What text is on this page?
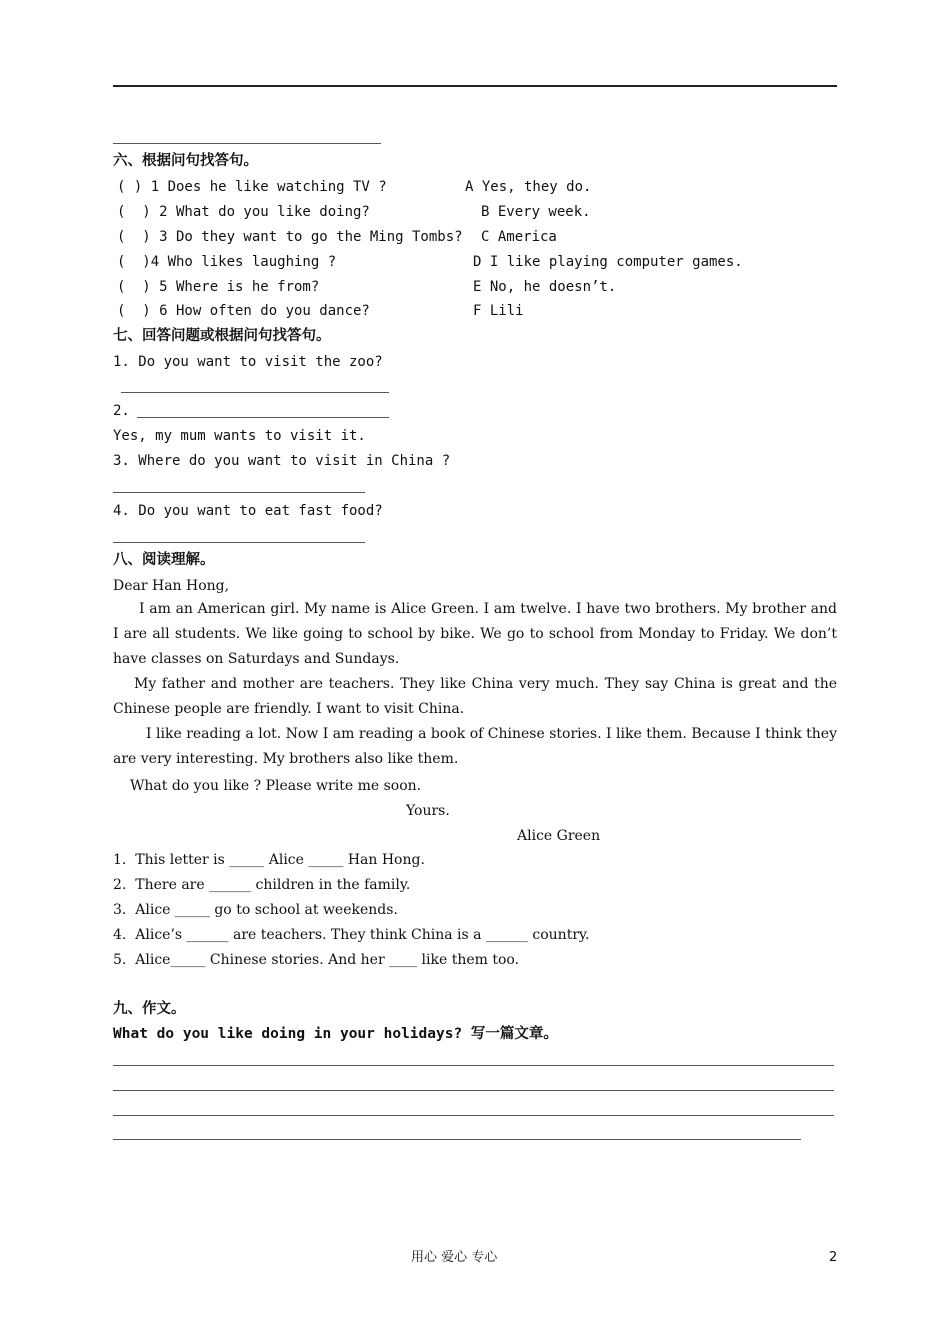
六、根据问句找答句。
( ) 1 Does he like watching TV ?	A Yes, they do.
(  ) 2 What do you like doing?	B Every week.
(  ) 3 Do they want to go the Ming Tombs? C America
(  )4 Who likes laughing ?	D I like playing computer games.
(  ) 5 Where is he from?	E No, he doesn’t.
(  ) 6 How often do you dance?	F Lili
七、回答问题或根据问句找答句。
1. Do you want to visit the zoo?
2.
Yes, my mum wants to visit it.
3. Where do you want to visit in China ?
4. Do you want to eat fast food?
八、阅读理解。
Dear Han Hong,
I am an American girl. My name is Alice Green. I am twelve. I have two brothers. My brother and I are all students. We like going to school by bike. We go to school from Monday to Friday. We don’t have classes on Saturdays and Sundays.
My father and mother are teachers. They like China very much. They say China is great and the Chinese people are friendly. I want to visit China.
I like reading a lot. Now I am reading a book of Chinese stories. I like them. Because I think they are very interesting. My brothers also like them.
What do you like ? Please write me soon.
Yours.
Alice Green
1.  This letter is _____ Alice _____ Han Hong.
2.  There are ______ children in the family.
3.  Alice _____ go to school at weekends.
4.  Alice’s ______ are teachers. They think China is a ______ country.
5.  Alice_____ Chinese stories. And her ____ like them too.
九、作文。
What do you like doing in your holidays? 写一篇文章。
用心 爱心 专心	2
